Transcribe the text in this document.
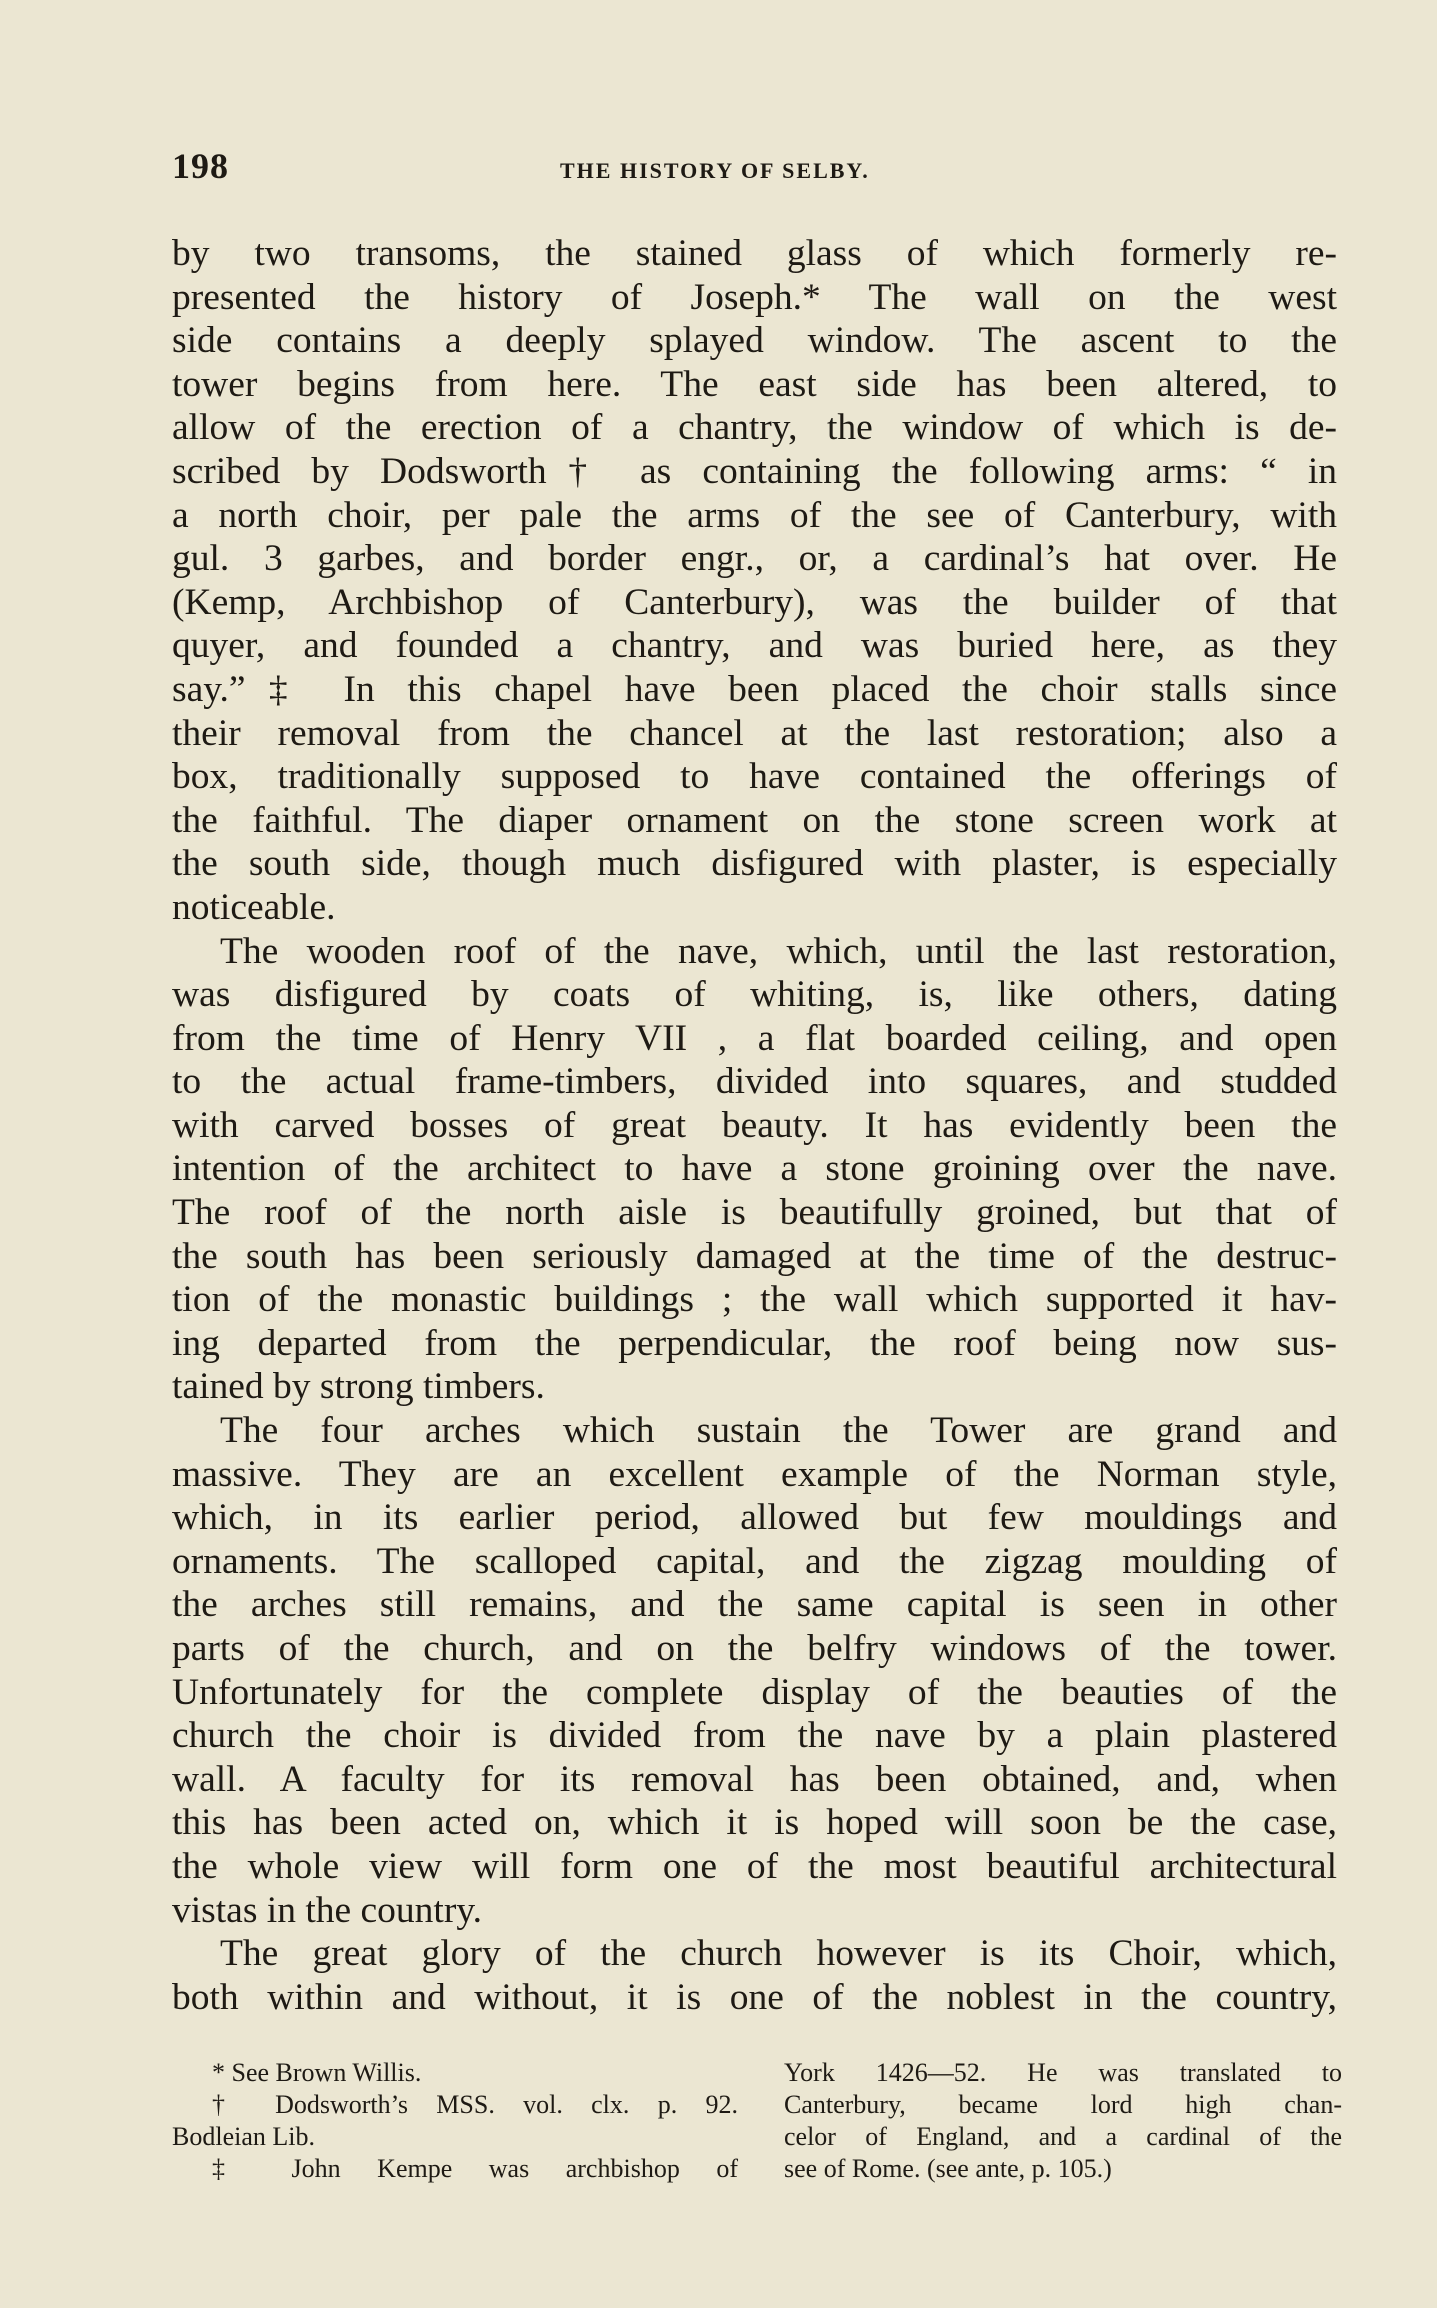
198	THE HISTORY OF SELBY.
by two transoms, the stained glass of which formerly re-
presented the history of Joseph.* The wall on the west
side contains a deeply splayed window. The ascent to the
tower begins from here. The east side has been altered, to
allow of the erection of a chantry, the window of which is de-
scribed by Dodsworth† as containing the following arms: “ in
a north choir, per pale the arms of the see of Canterbury, with
gul. 3 garbes, and border engr., or, a cardinal’s hat over. He
(Kemp, Archbishop of Canterbury), was the builder of that
quyer, and founded a chantry, and was buried here, as they
say.”‡ In this chapel have been placed the choir stalls since
their removal from the chancel at the last restoration; also a
box, traditionally supposed to have contained the offerings of
the faithful. The diaper ornament on the stone screen work at
the south side, though much disfigured with plaster, is especially
noticeable.
The wooden roof of the nave, which, until the last restoration,
was disfigured by coats of whiting, is, like others, dating
from the time of Henry VII , a flat boarded ceiling, and open
to the actual frame-timbers, divided into squares, and studded
with carved bosses of great beauty. It has evidently been the
intention of the architect to have a stone groining over the nave.
The roof of the north aisle is beautifully groined, but that of
the south has been seriously damaged at the time of the destruc-
tion of the monastic buildings ; the wall which supported it hav-
ing departed from the perpendicular, the roof being now sus-
tained by strong timbers.
The four arches which sustain the Tower are grand and
massive. They are an excellent example of the Norman style,
which, in its earlier period, allowed but few mouldings and
ornaments. The scalloped capital, and the zigzag moulding of
the arches still remains, and the same capital is seen in other
parts of the church, and on the belfry windows of the tower.
Unfortunately for the complete display of the beauties of the
church the choir is divided from the nave by a plain plastered
wall. A faculty for its removal has been obtained, and, when
this has been acted on, which it is hoped will soon be the case,
the whole view will form one of the most beautiful architectural
vistas in the country.
The great glory of the church however is its Choir, which,
both within and without, it is one of the noblest in the country,
* See Brown Willis.
† Dodsworth’s MSS. vol. clx. p. 92.
Bodleian Lib.
‡ John Kempe was archbishop of
York 1426—52. He was translated to
Canterbury, became lord high chan-
celor of England, and a cardinal of the
see of Rome. (see ante, p. 105.)
